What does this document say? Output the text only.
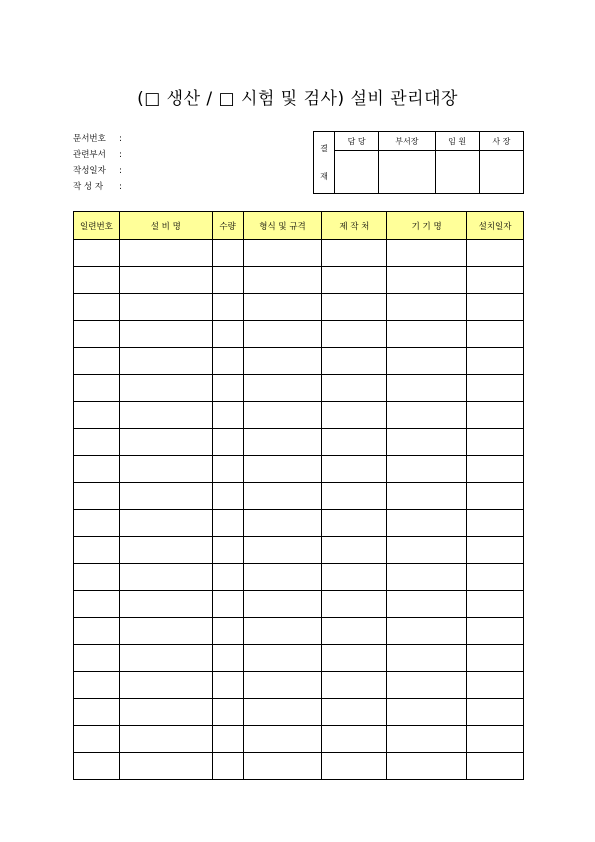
(□ 생산 / □ 시험 및 검사) 설비 관리대장
문서번호	:
관련부서	:
작성일자	:
작 성 자	:
결
재	담 당	부서장	임 원	사 장

일련번호	설 비 명	수량	형식 및 규격	제 작 처	기 기 명	설치일자
